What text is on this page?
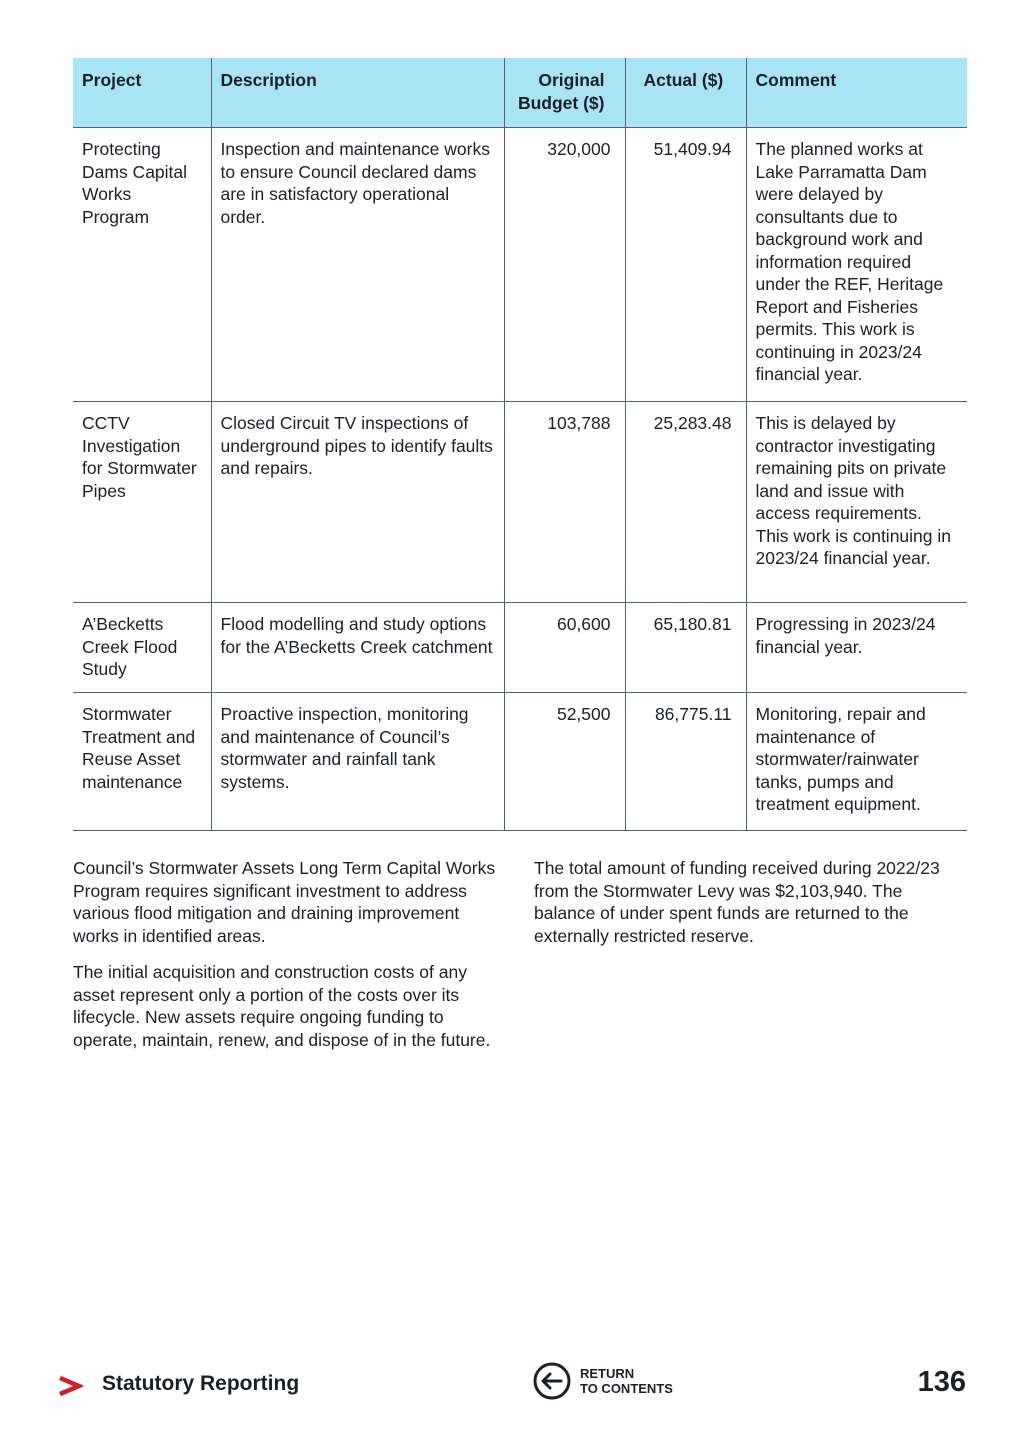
Project	Description	Original Budget ($)	Actual ($)	Comment
Protecting Dams Capital Works Program	Inspection and maintenance works to ensure Council declared dams are in satisfactory operational order.	320,000	51,409.94	The planned works at Lake Parramatta Dam were delayed by consultants due to background work and information required under the REF, Heritage Report and Fisheries permits. This work is continuing in 2023/24 financial year.
CCTV Investigation for Stormwater Pipes	Closed Circuit TV inspections of underground pipes to identify faults and repairs.	103,788	25,283.48	This is delayed by contractor investigating remaining pits on private land and issue with access requirements. This work is continuing in 2023/24 financial year.
A’Becketts Creek Flood Study	Flood modelling and study options for the A’Becketts Creek catchment	60,600	65,180.81	Progressing in 2023/24 financial year.
Stormwater Treatment and Reuse Asset maintenance	Proactive inspection, monitoring and maintenance of Council’s stormwater and rainfall tank systems.	52,500	86,775.11	Monitoring, repair and maintenance of stormwater/rainwater tanks, pumps and treatment equipment.

Council’s Stormwater Assets Long Term Capital Works Program requires significant investment to address various flood mitigation and draining improvement works in identified areas.

The initial acquisition and construction costs of any asset represent only a portion of the costs over its lifecycle. New assets require ongoing funding to operate, maintain, renew, and dispose of in the future.

The total amount of funding received during 2022/23 from the Stormwater Levy was $2,103,940. The balance of under spent funds are returned to the externally restricted reserve.

Statutory Reporting	RETURN
TO CONTENTS	136
